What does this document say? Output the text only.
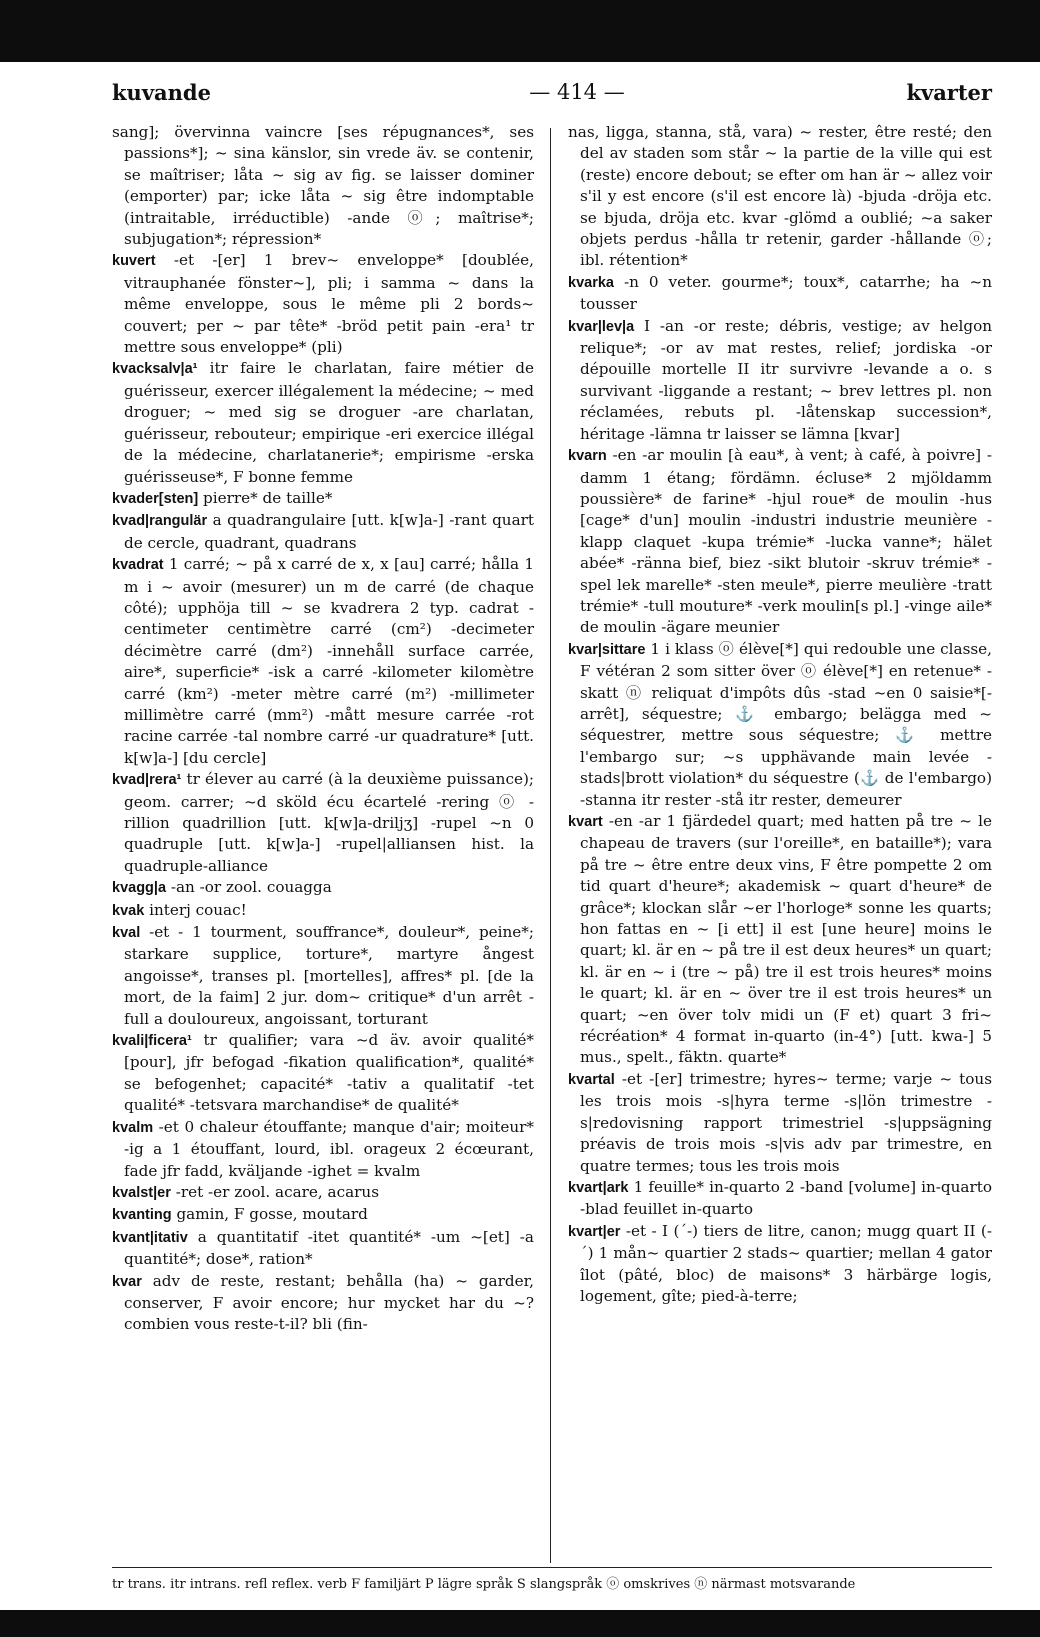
kuvande	— 414 —	kvarter

sang]; övervinna vaincre [ses répugnances*, ses passions*]; ~ sina känslor, sin vrede äv. se contenir, se maîtriser; låta ~ sig av fig. se laisser dominer (emporter) par; icke låta ~ sig être indomptable (intraitable, irréductible) -ande ⓞ; maîtrise*; subjugation*; répression*

kuvert -et -[er] 1 brev~ enveloppe* [doublée, vitrauphanée fönster~], pli; i samma ~ dans la même enveloppe, sous le même pli 2 bords~ couvert; per ~ par tête* -bröd petit pain -era¹ tr mettre sous enveloppe* (pli)

kvacksalv|a¹ itr faire le charlatan, faire métier de guérisseur, exercer illégalement la médecine; ~ med droguer; ~ med sig se droguer -are charlatan, guérisseur, rebouteur; empirique -eri exercice illégal de la médecine, charlatanerie*; empirisme -erska guérisseuse*, F bonne femme

kvader[sten] pierre* de taille*

kvad|rangulär a quadrangulaire [utt. k[w]a-] -rant quart de cercle, quadrant, quadrans

kvadrat 1 carré; ~ på x carré de x, x [au] carré; hålla 1 m i ~ avoir (mesurer) un m de carré (de chaque côté); upphöja till ~ se kvadrera 2 typ. cadrat -centimeter centimètre carré (cm²) -decimeter décimètre carré (dm²) -innehåll surface carrée, aire*, superficie* -isk a carré -kilometer kilomètre carré (km²) -meter mètre carré (m²) -millimeter millimètre carré (mm²) -mått mesure carrée -rot racine carrée -tal nombre carré -ur quadrature* [utt. k[w]a-] [du cercle]

kvad|rera¹ tr élever au carré (à la deuxième puissance); geom. carrer; ~d sköld écu écartelé -rering ⓞ -rillion quadrillion [utt. k[w]a-driljʒ] -rupel ~n 0 quadruple [utt. k[w]a-] -rupel|alliansen hist. la quadruple-alliance

kvagg|a -an -or zool. couagga

kvak interj couac!

kval -et - 1 tourment, souffrance*, douleur*, peine*; starkare supplice, torture*, martyre ångest angoisse*, transes pl. [mortelles], affres* pl. [de la mort, de la faim] 2 jur. dom~ critique* d'un arrêt -full a douloureux, angoissant, torturant

kvali|ficera¹ tr qualifier; vara ~d äv. avoir qualité* [pour], jfr befogad -fikation qualification*, qualité* se befogenhet; capacité* -tativ a qualitatif -tet qualité* -tetsvara marchandise* de qualité*

kvalm -et 0 chaleur étouffante; manque d'air; moiteur* -ig a 1 étouffant, lourd, ibl. orageux 2 écœurant, fade jfr fadd, kväljande -ighet = kvalm

kvalst|er -ret -er zool. acare, acarus

kvanting gamin, F gosse, moutard

kvant|itativ a quantitatif -itet quantité* -um ~[et] -a quantité*; dose*, ration*

kvar adv de reste, restant; behålla (ha) ~ garder, conserver, F avoir encore; hur mycket har du ~? combien vous reste-t-il? bli (fin-

nas, ligga, stanna, stå, vara) ~ rester, être resté; den del av staden som står ~ la partie de la ville qui est (reste) encore debout; se efter om han är ~ allez voir s'il y est encore (s'il est encore là) -bjuda -dröja etc. se bjuda, dröja etc. kvar -glömd a oublié; ~a saker objets perdus -hålla tr retenir, garder -hållande ⓞ; ibl. rétention*

kvarka -n 0 veter. gourme*; toux*, catarrhe; ha ~n tousser

kvar|lev|a I -an -or reste; débris, vestige; av helgon relique*; -or av mat restes, relief; jordiska -or dépouille mortelle II itr survivre -levande a o. s survivant -liggande a restant; ~ brev lettres pl. non réclamées, rebuts pl. -låtenskap succession*, héritage -lämna tr laisser se lämna [kvar]

kvarn -en -ar moulin [à eau*, à vent; à café, à poivre] -damm 1 étang; fördämn. écluse* 2 mjöldamm poussière* de farine* -hjul roue* de moulin -hus [cage* d'un] moulin -industri industrie meunière -klapp claquet -kupa trémie* -lucka vanne*; hälet abée* -ränna bief, biez -sikt blutoir -skruv trémie* -spel lek marelle* -sten meule*, pierre meulière -tratt trémie* -tull mouture* -verk moulin[s pl.] -vinge aile* de moulin -ägare meunier

kvar|sittare 1 i klass ⓞ élève[*] qui redouble une classe, F vétéran 2 som sitter över ⓞ élève[*] en retenue* -skatt ⓝ reliquat d'impôts dûs -stad ~en 0 saisie*[-arrêt], séquestre; ⚓ embargo; belägga med ~ séquestrer, mettre sous séquestre; ⚓ mettre l'embargo sur; ~s upphävande main levée -stads|brott violation* du séquestre (⚓ de l'embargo) -stanna itr rester -stå itr rester, demeurer

kvart -en -ar 1 fjärdedel quart; med hatten på tre ~ le chapeau de travers (sur l'oreille*, en bataille*); vara på tre ~ être entre deux vins, F être pompette 2 om tid quart d'heure*; akademisk ~ quart d'heure* de grâce*; klockan slår ~er l'horloge* sonne les quarts; hon fattas en ~ [i ett] il est [une heure] moins le quart; kl. är en ~ på tre il est deux heures* un quart; kl. är en ~ i (tre ~ på) tre il est trois heures* moins le quart; kl. är en ~ över tre il est trois heures* un quart; ~en över tolv midi un (F et) quart 3 fri~ récréation* 4 format in-quarto (in-4°) [utt. kwa-] 5 mus., spelt., fäktn. quarte*

kvartal -et -[er] trimestre; hyres~ terme; varje ~ tous les trois mois -s|hyra terme -s|lön trimestre -s|redovisning rapport trimestriel -s|uppsägning préavis de trois mois -s|vis adv par trimestre, en quatre termes; tous les trois mois

kvart|ark 1 feuille* in-quarto 2 -band [volume] in-quarto -blad feuillet in-quarto

kvart|er -et - I (´-) tiers de litre, canon; mugg quart II (-´) 1 mån~ quartier 2 stads~ quartier; mellan 4 gator îlot (pâté, bloc) de maisons* 3 härbärge logis, logement, gîte; pied-à-terre;

tr trans. itr intrans. refl reflex. verb F familjärt P lägre språk S slangspråk ⓞ omskrives ⓝ närmast motsvarande
